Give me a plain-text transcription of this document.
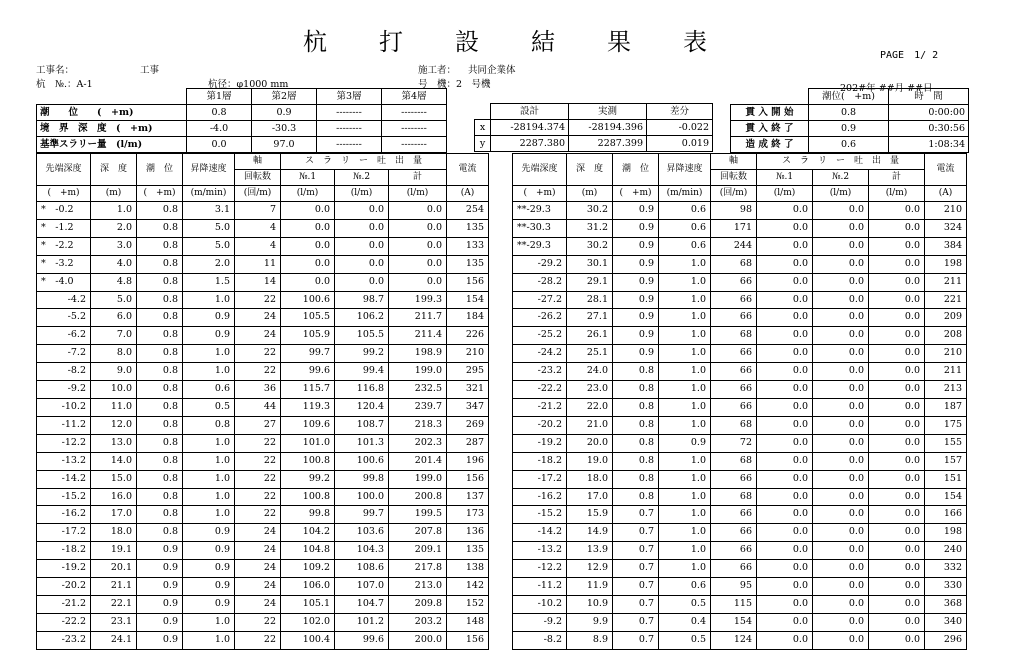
杭　打　設　結　果　表	PAGE　1/ 2
工事名：	工事	施工者： 共同企業体
杭　№.：A-1	杭径：φ1000 mm	号　機：2　号機	202#年 ##月 ##日
	第1層	第2層	第3層	第4層
潮　　位　　(　+m)	0.8	0.9	--------	--------
境　界　深　度　(　+m)	-4.0	-30.3	--------	--------
基準スラリー量　(l/m)	0.0	97.0	--------	--------
	設計	実測	差分
x	-28194.374	-28194.396	-0.022
y	2287.380	2287.399	0.019
	潮位(　+m)	時　間
貫 入 開 始	0.8	0:00:00
貫 入 終 了	0.9	0:30:56
造 成 終 了	0.6	1:08:34
先端深度	深　度	潮　位	昇降速度	軸	ス　ラ　リ　ー　吐　出　量			電流
				回転数	№.1	№.2	計	
(　+m)	(m)	(　+m)	(m/min)	(回/m)	(l/m)	(l/m)	(l/m)	(A)
*　-0.2	1.0	0.8	3.1	7	0.0	0.0	0.0	254
*　-1.2	2.0	0.8	5.0	4	0.0	0.0	0.0	135
*　-2.2	3.0	0.8	5.0	4	0.0	0.0	0.0	133
*　-3.2	4.0	0.8	2.0	11	0.0	0.0	0.0	135
*　-4.0	4.8	0.8	1.5	14	0.0	0.0	0.0	156
-4.2	5.0	0.8	1.0	22	100.6	98.7	199.3	154
-5.2	6.0	0.8	0.9	24	105.5	106.2	211.7	184
-6.2	7.0	0.8	0.9	24	105.9	105.5	211.4	226
-7.2	8.0	0.8	1.0	22	99.7	99.2	198.9	210
-8.2	9.0	0.8	1.0	22	99.6	99.4	199.0	295
-9.2	10.0	0.8	0.6	36	115.7	116.8	232.5	321
-10.2	11.0	0.8	0.5	44	119.3	120.4	239.7	347
-11.2	12.0	0.8	0.8	27	109.6	108.7	218.3	269
-12.2	13.0	0.8	1.0	22	101.0	101.3	202.3	287
-13.2	14.0	0.8	1.0	22	100.8	100.6	201.4	196
-14.2	15.0	0.8	1.0	22	99.2	99.8	199.0	156
-15.2	16.0	0.8	1.0	22	100.8	100.0	200.8	137
-16.2	17.0	0.8	1.0	22	99.8	99.7	199.5	173
-17.2	18.0	0.8	0.9	24	104.2	103.6	207.8	136
-18.2	19.1	0.9	0.9	24	104.8	104.3	209.1	135
-19.2	20.1	0.9	0.9	24	109.2	108.6	217.8	138
-20.2	21.1	0.9	0.9	24	106.0	107.0	213.0	142
-21.2	22.1	0.9	0.9	24	105.1	104.7	209.8	152
-22.2	23.1	0.9	1.0	22	102.0	101.2	203.2	148
-23.2	24.1	0.9	1.0	22	100.4	99.6	200.0	156
先端深度	深　度	潮　位	昇降速度	軸	ス　ラ　リ　ー　吐　出　量			電流
				回転数	№.1	№.2	計	
(　+m)	(m)	(　+m)	(m/min)	(回/m)	(l/m)	(l/m)	(l/m)	(A)
**-29.3	30.2	0.9	0.6	98	0.0	0.0	0.0	210
**-30.3	31.2	0.9	0.6	171	0.0	0.0	0.0	324
**-29.3	30.2	0.9	0.6	244	0.0	0.0	0.0	384
-29.2	30.1	0.9	1.0	68	0.0	0.0	0.0	198
-28.2	29.1	0.9	1.0	66	0.0	0.0	0.0	211
-27.2	28.1	0.9	1.0	66	0.0	0.0	0.0	221
-26.2	27.1	0.9	1.0	66	0.0	0.0	0.0	209
-25.2	26.1	0.9	1.0	68	0.0	0.0	0.0	208
-24.2	25.1	0.9	1.0	66	0.0	0.0	0.0	210
-23.2	24.0	0.8	1.0	66	0.0	0.0	0.0	211
-22.2	23.0	0.8	1.0	66	0.0	0.0	0.0	213
-21.2	22.0	0.8	1.0	66	0.0	0.0	0.0	187
-20.2	21.0	0.8	1.0	68	0.0	0.0	0.0	175
-19.2	20.0	0.8	0.9	72	0.0	0.0	0.0	155
-18.2	19.0	0.8	1.0	68	0.0	0.0	0.0	157
-17.2	18.0	0.8	1.0	66	0.0	0.0	0.0	151
-16.2	17.0	0.8	1.0	68	0.0	0.0	0.0	154
-15.2	15.9	0.7	1.0	66	0.0	0.0	0.0	166
-14.2	14.9	0.7	1.0	66	0.0	0.0	0.0	198
-13.2	13.9	0.7	1.0	66	0.0	0.0	0.0	240
-12.2	12.9	0.7	1.0	66	0.0	0.0	0.0	332
-11.2	11.9	0.7	0.6	95	0.0	0.0	0.0	330
-10.2	10.9	0.7	0.5	115	0.0	0.0	0.0	368
-9.2	9.9	0.7	0.4	154	0.0	0.0	0.0	340
-8.2	8.9	0.7	0.5	124	0.0	0.0	0.0	296
